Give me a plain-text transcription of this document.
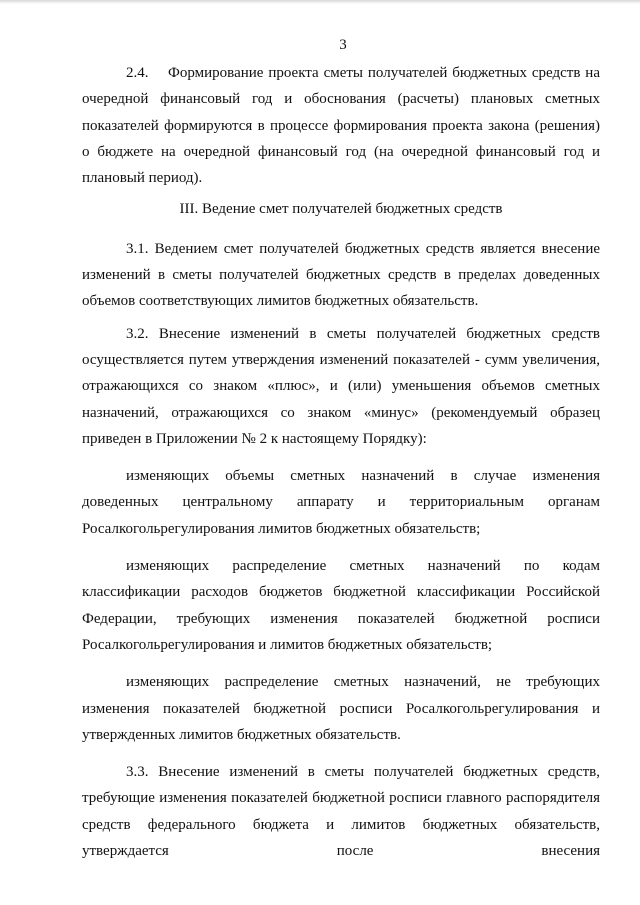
3

2.4.    Формирование проекта сметы получателей бюджетных средств на очередной финансовый год и обоснования (расчеты) плановых сметных показателей формируются в процессе формирования проекта закона (решения) о бюджете на очередной финансовый год (на очередной финансовый год и плановый период).

III. Ведение смет получателей бюджетных средств

3.1. Ведением смет получателей бюджетных средств является внесение изменений в сметы получателей бюджетных средств в пределах доведенных объемов соответствующих лимитов бюджетных обязательств.

3.2. Внесение изменений в сметы получателей бюджетных средств осуществляется путем утверждения изменений показателей - сумм увеличения, отражающихся со знаком «плюс», и (или) уменьшения объемов сметных назначений, отражающихся со знаком «минус» (рекомендуемый образец приведен в Приложении № 2 к настоящему Порядку):

изменяющих объемы сметных назначений в случае изменения доведенных центральному аппарату и территориальным органам Росалкогольрегулирования лимитов бюджетных обязательств;

изменяющих распределение сметных назначений по кодам классификации расходов бюджетов бюджетной классификации Российской Федерации, требующих изменения показателей бюджетной росписи Росалкогольрегулирования и лимитов бюджетных обязательств;

изменяющих распределение сметных назначений, не требующих изменения показателей бюджетной росписи Росалкогольрегулирования и утвержденных лимитов бюджетных обязательств.

3.3. Внесение изменений в сметы получателей бюджетных средств, требующие изменения показателей бюджетной росписи главного распорядителя средств федерального бюджета и лимитов бюджетных обязательств, утверждается после внесения
